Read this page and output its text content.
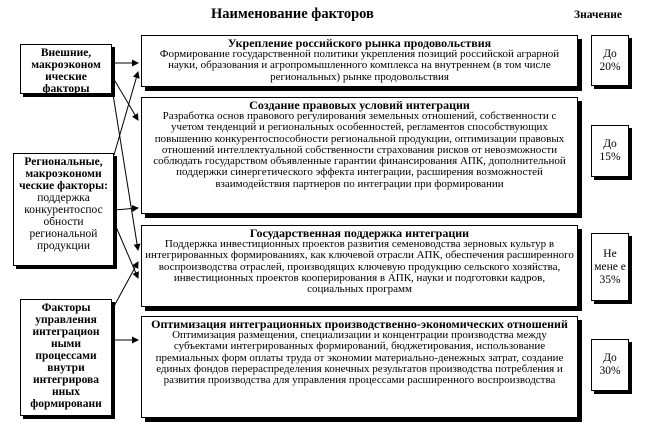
Наименование факторов	Значение
Внешние, макроэконом ические факторы
Региональные, макроэкономи ческие факторы:
поддержка конкурентоспос обности региональной продукции
Факторы управления интеграцион ными процессами внутри интегрирова нных формировани
Укрепление российского рынка продовольствия
Формирование государственной политики укрепления позиций российской аграрной науки, образования и агропромышленного комплекса на внутреннем (в том числе региональных) рынке продовольствия
Создание правовых условий интеграции
Разработка основ правового регулирования земельных отношений, собственности с учетом тенденций и региональных особенностей, регламентов способствующих повышению конкурентоспособности региональной продукции, оптимизации правовых отношений интеллектуальной собственности страхования рисков от невозможности соблюдать государством объявленные гарантии финансирования АПК, дополнительной поддержки синергетического эффекта интеграции, расширения возможностей взаимодействия партнеров по интеграции при формировании
Государственная поддержка интеграции
Поддержка инвестиционных проектов развития семеноводства зерновых культур в интегрированных формированиях, как ключевой отрасли АПК, обеспечения расширенного воспроизводства отраслей, производящих ключевую продукцию сельского хозяйства, инвестиционных проектов кооперирования в АПК, науки и подготовки кадров, социальных программ
Оптимизация интеграционных производственно-экономических отношений
Оптимизация размещения, специализации и концентрации производства между субъектами интегрированных формирований, бюджетирования, использование премиальных форм оплаты труда от экономии материально-денежных затрат, создание единых фондов перераспределения конечных результатов производства потребления и развития производства для управления процессами расширенного воспроизводства
До 20%
До 15%
Не мене е 35%
До 30%
